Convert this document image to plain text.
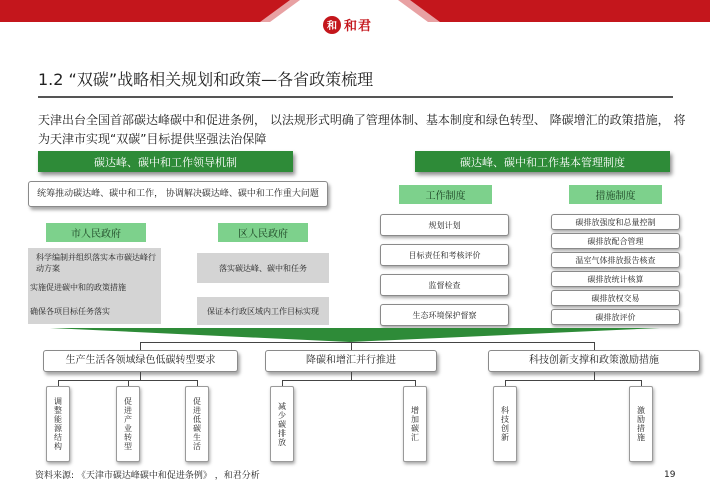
和 和君
1.2 “双碳”战略相关规划和政策—各省政策梳理
天津出台全国首部碳达峰碳中和促进条例， 以法规形式明确了管理体制、基本制度和绿色转型、 降碳增汇的政策措施， 将为天津市实现“双碳”目标提供坚强法治保障
碳达峰、碳中和工作领导机制
统筹推动碳达峰、碳中和工作， 协调解决碳达峰、碳中和工作重大问题
市人民政府	区人民政府

科学编制并组织落实本市碳达峰行动方案

实施促进碳中和的政策措施

确保各项目标任务落实

落实碳达峰、碳中和任务
保证本行政区域内工作目标实现
碳达峰、碳中和工作基本管理制度
工作制度	措施制度
规划计划
目标责任和考核评价
监督检查
生态环境保护督察
碳排放强度和总量控制
碳排放配合管理
温室气体排放报告核查
碳排放统计核算
碳排放权交易
碳排放评价
生产生活各领域绿色低碳转型要求	降碳和增汇并行推进	科技创新支撑和政策激励措施
调整能源结构	促进产业转型	促进低碳生活	减少碳排放	增加碳汇	科技创新	激励措施
资料来源: 《天津市碳达峰碳中和促进条例》 ，和君分析	19
